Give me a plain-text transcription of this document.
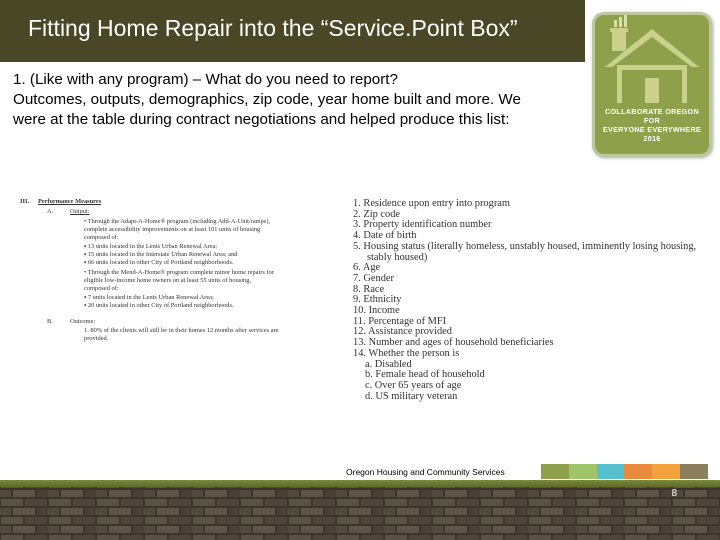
Fitting Home Repair into the “Service.Point Box”
COLLABORATE OREGON
FOR
EVERYONE EVERYWHERE
2016

1. (Like with any program) – What do you need to report?

Outcomes, outputs, demographics, zip code, year home built and more. We

were at the table during contract negotiations and helped produce this list:

III. Performance Measures
A.	Output:
• Through the Adapt-A-Home® program (including Add-A-Unit/ramps),
complete accessibility improvements on at least 101 units of housing
composed of:
▪ 13 units located in the Lents Urban Renewal Area;
▪ 15 units located in the Interstate Urban Renewal Area; and
▪ 66 units located in other City of Portland neighborhoods.
• Through the Mend-A-Home® program complete minor home repairs for
eligible low-income home owners on at least 55 units of housing,
composed of:
▪ 7 units located in the Lents Urban Renewal Area;
▪ 20 units located in other City of Portland neighborhoods.
B.	Outcome:
1. 80% of the clients will still be in their homes 12 months after services are
provided.
1. Residence upon entry into program
2. Zip code
3. Property identification number
4. Date of birth
5. Housing status (literally homeless, unstably housed, imminently losing housing,
stably housed)
6. Age
7. Gender
8. Race
9. Ethnicity
10. Income
11. Percentage of MFI
12. Assistance provided
13. Number and ages of household beneficiaries
14. Whether the person is
a. Disabled
b. Female head of household
c. Over 65 years of age
d. US military veteran
Oregon Housing and Community Services
8
